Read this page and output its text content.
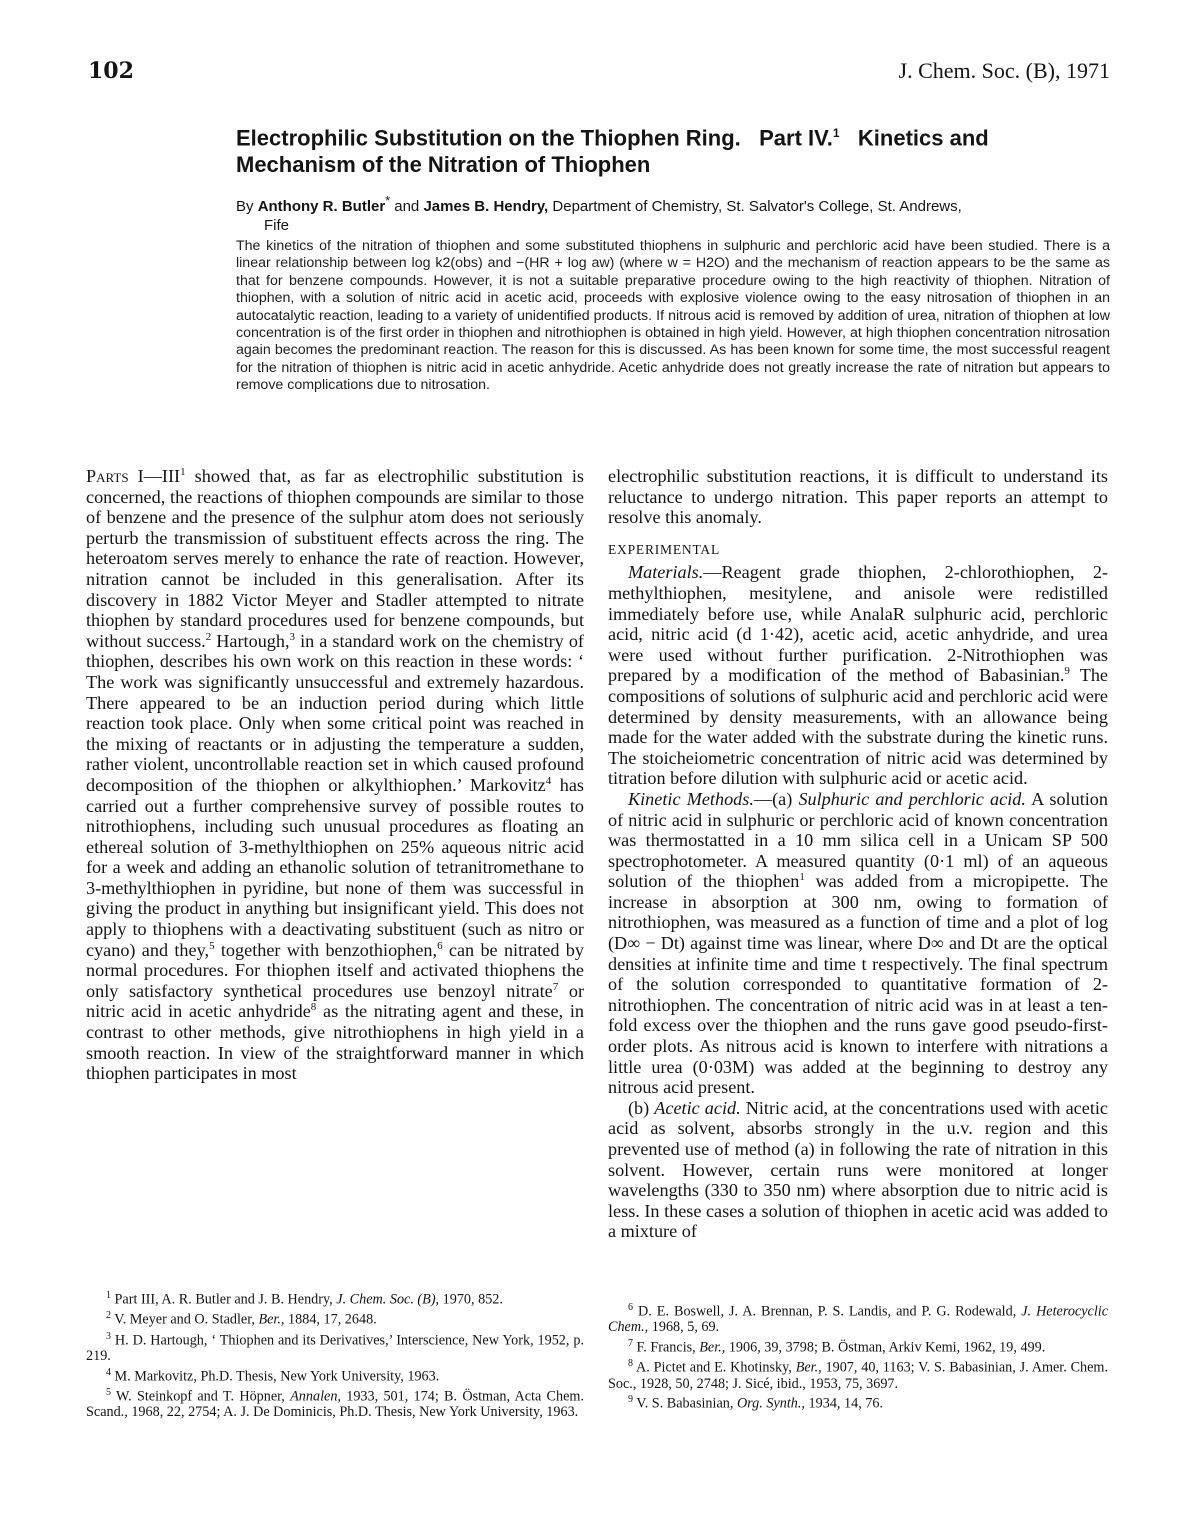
102	J. Chem. Soc. (B), 1971
Electrophilic Substitution on the Thiophen Ring. Part IV.$^1$ Kinetics and Mechanism of the Nitration of Thiophen
By Anthony R. Butler* and James B. Hendry, Department of Chemistry, St. Salvator's College, St. Andrews,
Fife
The kinetics of the nitration of thiophen and some substituted thiophens in sulphuric and perchloric acid have been studied. There is a linear relationship between log k2(obs) and −(HR + log aw) (where w = H2O) and the mechanism of reaction appears to be the same as that for benzene compounds. However, it is not a suitable preparative procedure owing to the high reactivity of thiophen. Nitration of thiophen, with a solution of nitric acid in acetic acid, proceeds with explosive violence owing to the easy nitrosation of thiophen in an autocatalytic reaction, leading to a variety of unidentified products. If nitrous acid is removed by addition of urea, nitration of thiophen at low concentration is of the first order in thiophen and nitrothiophen is obtained in high yield. However, at high thiophen concentration nitrosation again becomes the predominant reaction. The reason for this is discussed. As has been known for some time, the most successful reagent for the nitration of thiophen is nitric acid in acetic anhydride. Acetic anhydride does not greatly increase the rate of nitration but appears to remove complications due to nitrosation.

Parts I—III$^1$ showed that, as far as electrophilic substitution is concerned, the reactions of thiophen compounds are similar to those of benzene and the presence of the sulphur atom does not seriously perturb the transmission of substituent effects across the ring. The heteroatom serves merely to enhance the rate of reaction. However, nitration cannot be included in this generalisation. After its discovery in 1882 Victor Meyer and Stadler attempted to nitrate thiophen by standard procedures used for benzene compounds, but without success.$^2$ Hartough,$^3$ in a standard work on the chemistry of thiophen, describes his own work on this reaction in these words: ‘ The work was significantly unsuccessful and extremely hazardous. There appeared to be an induction period during which little reaction took place. Only when some critical point was reached in the mixing of reactants or in adjusting the temperature a sudden, rather violent, uncontrollable reaction set in which caused profound decomposition of the thiophen or alkylthiophen.’ Markovitz$^4$ has carried out a further comprehensive survey of possible routes to nitrothiophens, including such unusual procedures as floating an ethereal solution of 3-methylthiophen on 25% aqueous nitric acid for a week and adding an ethanolic solution of tetranitromethane to 3-methylthiophen in pyridine, but none of them was successful in giving the product in anything but insignificant yield. This does not apply to thiophens with a deactivating substituent (such as nitro or cyano) and they,$^5$ together with benzothiophen,$^6$ can be nitrated by normal procedures. For thiophen itself and activated thiophens the only satisfactory synthetical procedures use benzoyl nitrate$^7$ or nitric acid in acetic anhydride$^8$ as the nitrating agent and these, in contrast to other methods, give nitrothiophens in high yield in a smooth reaction. In view of the straightforward manner in which thiophen participates in most

electrophilic substitution reactions, it is difficult to understand its reluctance to undergo nitration. This paper reports an attempt to resolve this anomaly.

EXPERIMENTAL

Materials.—Reagent grade thiophen, 2-chlorothiophen, 2-methylthiophen, mesitylene, and anisole were redistilled immediately before use, while AnalaR sulphuric acid, perchloric acid, nitric acid (d 1·42), acetic acid, acetic anhydride, and urea were used without further purification. 2-Nitrothiophen was prepared by a modification of the method of Babasinian.$^9$ The compositions of solutions of sulphuric acid and perchloric acid were determined by density measurements, with an allowance being made for the water added with the substrate during the kinetic runs. The stoicheiometric concentration of nitric acid was determined by titration before dilution with sulphuric acid or acetic acid.

Kinetic Methods.—(a) Sulphuric and perchloric acid. A solution of nitric acid in sulphuric or perchloric acid of known concentration was thermostatted in a 10 mm silica cell in a Unicam SP 500 spectrophotometer. A measured quantity (0·1 ml) of an aqueous solution of the thiophen$^1$ was added from a micropipette. The increase in absorption at 300 nm, owing to formation of nitrothiophen, was measured as a function of time and a plot of log (D∞ − Dt) against time was linear, where D∞ and Dt are the optical densities at infinite time and time t respectively. The final spectrum of the solution corresponded to quantitative formation of 2-nitrothiophen. The concentration of nitric acid was in at least a ten-fold excess over the thiophen and the runs gave good pseudo-first-order plots. As nitrous acid is known to interfere with nitrations a little urea (0·03M) was added at the beginning to destroy any nitrous acid present.

(b) Acetic acid. Nitric acid, at the concentrations used with acetic acid as solvent, absorbs strongly in the u.v. region and this prevented use of method (a) in following the rate of nitration in this solvent. However, certain runs were monitored at longer wavelengths (330 to 350 nm) where absorption due to nitric acid is less. In these cases a solution of thiophen in acetic acid was added to a mixture of

$^1$ Part III, A. R. Butler and J. B. Hendry, J. Chem. Soc. (B), 1970, 852.

$^2$ V. Meyer and O. Stadler, Ber., 1884, 17, 2648.

$^3$ H. D. Hartough, ‘ Thiophen and its Derivatives,’ Interscience, New York, 1952, p. 219.

$^4$ M. Markovitz, Ph.D. Thesis, New York University, 1963.

$^5$ W. Steinkopf and T. Höpner, Annalen, 1933, 501, 174; B. Östman, Acta Chem. Scand., 1968, 22, 2754; A. J. De Dominicis, Ph.D. Thesis, New York University, 1963.

$^6$ D. E. Boswell, J. A. Brennan, P. S. Landis, and P. G. Rodewald, J. Heterocyclic Chem., 1968, 5, 69.

$^7$ F. Francis, Ber., 1906, 39, 3798; B. Östman, Arkiv Kemi, 1962, 19, 499.

$^8$ A. Pictet and E. Khotinsky, Ber., 1907, 40, 1163; V. S. Babasinian, J. Amer. Chem. Soc., 1928, 50, 2748; J. Sicé, ibid., 1953, 75, 3697.

$^9$ V. S. Babasinian, Org. Synth., 1934, 14, 76.
